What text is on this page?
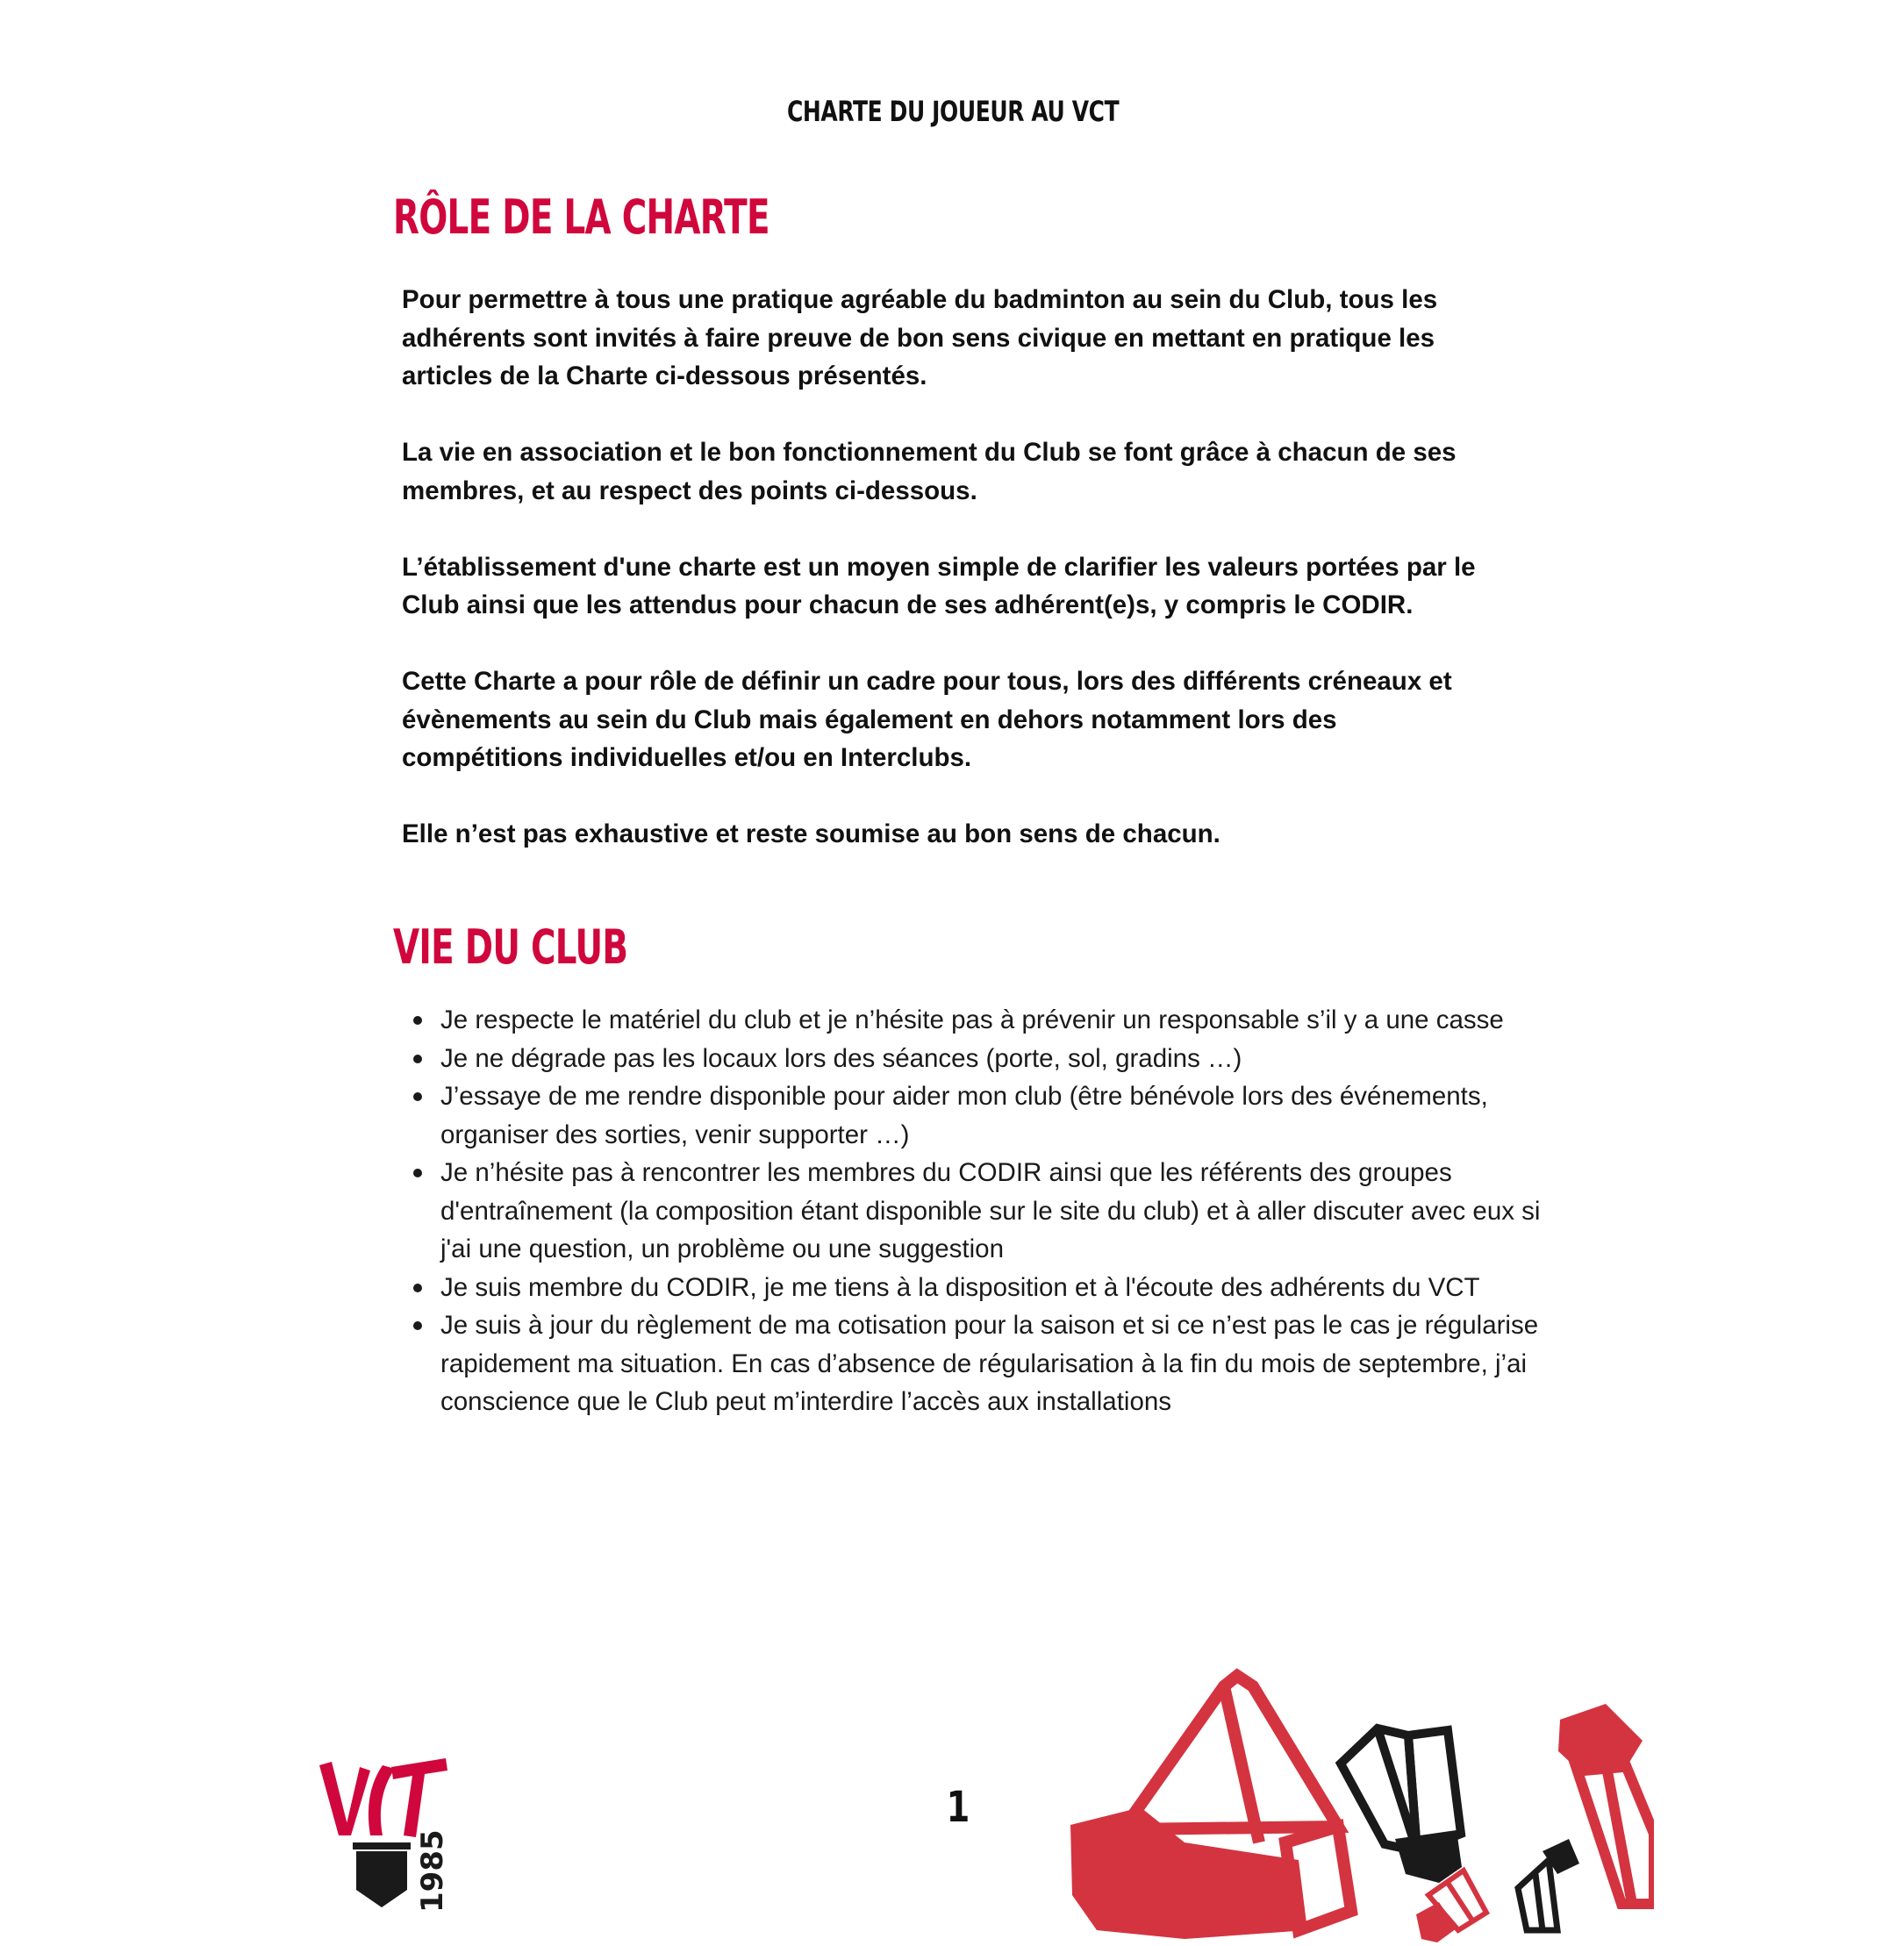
CHARTE DU JOUEUR AU VCT
RÔLE DE LA CHARTE

Pour permettre à tous une pratique agréable du badminton au sein du Club, tous les adhérents sont invités à faire preuve de bon sens civique en mettant en pratique les articles de la Charte ci-dessous présentés.

La vie en association et le bon fonctionnement du Club se font grâce à chacun de ses membres, et au respect des points ci-dessous.

L’établissement d'une charte est un moyen simple de clarifier les valeurs portées par le Club ainsi que les attendus pour chacun de ses adhérent(e)s, y compris le CODIR.

Cette Charte a pour rôle de définir un cadre pour tous, lors des différents créneaux et évènements au sein du Club mais également en dehors notamment lors des compétitions individuelles et/ou en Interclubs.

Elle n’est pas exhaustive et reste soumise au bon sens de chacun.

VIE DU CLUB
Je respecte le matériel du club et je n’hésite pas à prévenir un responsable s’il y a une casse
Je ne dégrade pas les locaux lors des séances (porte, sol, gradins …)
J’essaye de me rendre disponible pour aider mon club (être bénévole lors des événements, organiser des sorties, venir supporter …)
Je n’hésite pas à rencontrer les membres du CODIR ainsi que les référents des groupes d'entraînement (la composition étant disponible sur le site du club) et à aller discuter avec eux si j'ai une question, un problème ou une suggestion
Je suis membre du CODIR, je me tiens à la disposition et à l'écoute des adhérents du VCT
Je suis à jour du règlement de ma cotisation pour la saison et si ce n’est pas le cas je régularise rapidement ma situation. En cas d’absence de régularisation à la fin du mois de septembre, j’ai conscience que le Club peut m’interdire l’accès aux installations
1985
1
